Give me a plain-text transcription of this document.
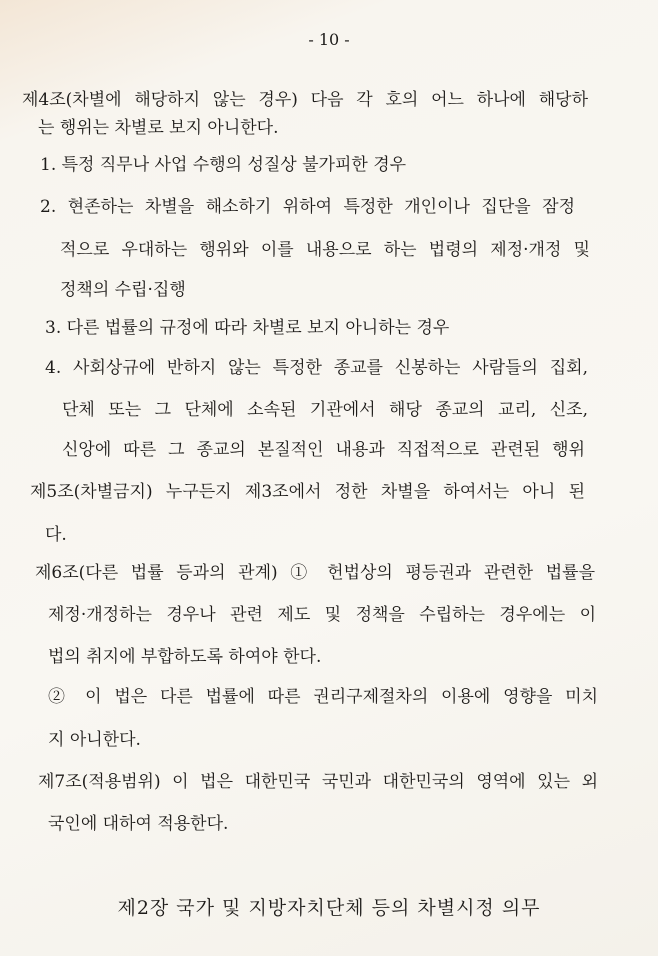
- 10 -
제4조(차별에 해당하지 않는 경우) 다음 각 호의 어느 하나에 해당하
는 행위는 차별로 보지 아니한다.
1. 특정 직무나 사업 수행의 성질상 불가피한 경우
2. 현존하는 차별을 해소하기 위하여 특정한 개인이나 집단을 잠정
적으로 우대하는 행위와 이를 내용으로 하는 법령의 제정·개정 및
정책의 수립·집행
3. 다른 법률의 규정에 따라 차별로 보지 아니하는 경우
4. 사회상규에 반하지 않는 특정한 종교를 신봉하는 사람들의 집회,
단체 또는 그 단체에 소속된 기관에서 해당 종교의 교리, 신조,
신앙에 따른 그 종교의 본질적인 내용과 직접적으로 관련된 행위
제5조(차별금지) 누구든지 제3조에서 정한 차별을 하여서는 아니 된
다.
제6조(다른 법률 등과의 관계) ① 헌법상의 평등권과 관련한 법률을
제정·개정하는 경우나 관련 제도 및 정책을 수립하는 경우에는 이
법의 취지에 부합하도록 하여야 한다.
② 이 법은 다른 법률에 따른 권리구제절차의 이용에 영향을 미치
지 아니한다.
제7조(적용범위) 이 법은 대한민국 국민과 대한민국의 영역에 있는 외
국인에 대하여 적용한다.
제2장 국가 및 지방자치단체 등의 차별시정 의무
